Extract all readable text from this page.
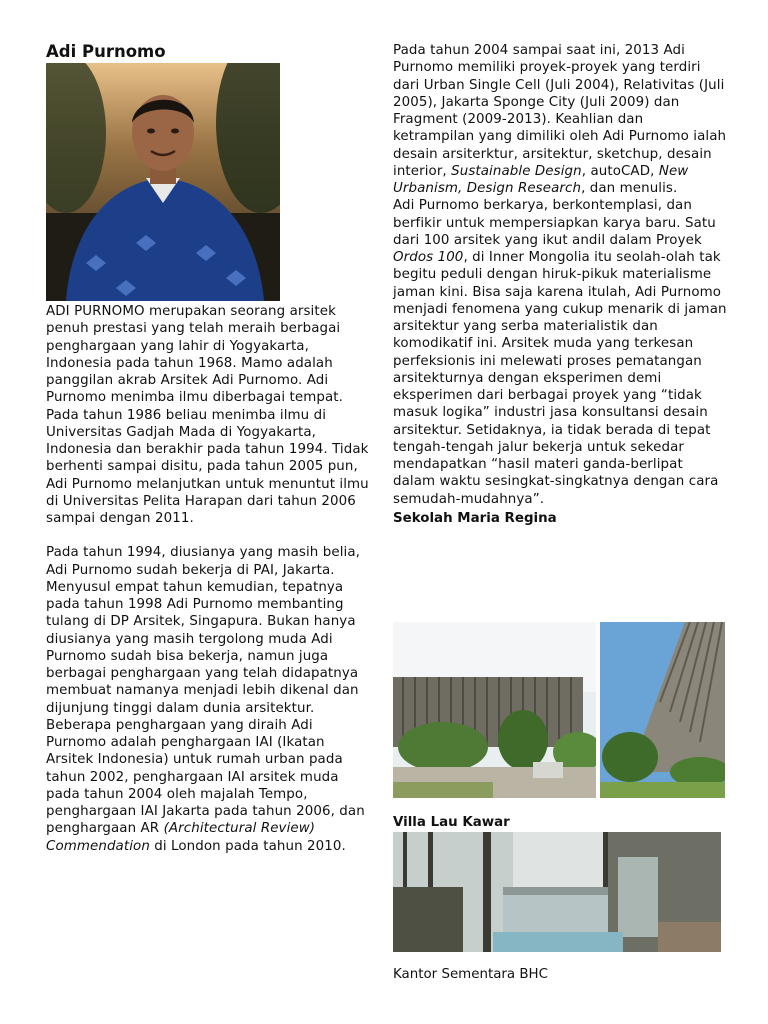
Adi Purnomo

ADI PURNOMO merupakan seorang arsitek penuh prestasi yang telah meraih berbagai penghargaan yang lahir di Yogyakarta, Indonesia pada tahun 1968. Mamo adalah panggilan akrab Arsitek Adi Purnomo. Adi Purnomo menimba ilmu diberbagai tempat. Pada tahun 1986 beliau menimba ilmu di Universitas Gadjah Mada di Yogyakarta, Indonesia dan berakhir pada tahun 1994. Tidak berhenti sampai disitu, pada tahun 2005 pun, Adi Purnomo melanjutkan untuk menuntut ilmu di Universitas Pelita Harapan dari tahun 2006 sampai dengan 2011.

Pada tahun 1994, diusianya yang masih belia, Adi Purnomo sudah bekerja di PAI, Jakarta. Menyusul empat tahun kemudian, tepatnya pada tahun 1998 Adi Purnomo membanting tulang di DP Arsitek, Singapura. Bukan hanya diusianya yang masih tergolong muda Adi Purnomo sudah bisa bekerja, namun juga berbagai penghargaan yang telah didapatnya membuat namanya menjadi lebih dikenal dan dijunjung tinggi dalam dunia arsitektur. Beberapa penghargaan yang diraih Adi Purnomo adalah penghargaan IAI (Ikatan Arsitek Indonesia) untuk rumah urban pada tahun 2002, penghargaan IAI arsitek muda pada tahun 2004 oleh majalah Tempo, penghargaan IAI Jakarta pada tahun 2006, dan penghargaan AR (Architectural Review) Commendation di London pada tahun 2010.

Pada tahun 2004 sampai saat ini, 2013 Adi Purnomo memiliki proyek-proyek yang terdiri dari Urban Single Cell (Juli 2004), Relativitas (Juli 2005), Jakarta Sponge City (Juli 2009) dan Fragment (2009-2013). Keahlian dan ketrampilan yang dimiliki oleh Adi Purnomo ialah desain arsiterktur, arsitektur, sketchup, desain interior, Sustainable Design, autoCAD, New Urbanism, Design Research, dan menulis.

Adi Purnomo berkarya, berkontemplasi, dan berfikir untuk mempersiapkan karya baru. Satu dari 100 arsitek yang ikut andil dalam Proyek Ordos 100, di Inner Mongolia itu seolah-olah tak begitu peduli dengan hiruk-pikuk materialisme jaman kini. Bisa saja karena itulah, Adi Purnomo menjadi fenomena yang cukup menarik di jaman arsitektur yang serba materialistik dan komodikatif ini. Arsitek muda yang terkesan perfeksionis ini melewati proses pematangan arsitekturnya dengan eksperimen demi eksperimen dari berbagai proyek yang “tidak masuk logika” industri jasa konsultansi desain arsitektur. Setidaknya, ia tidak berada di tepat tengah-tengah jalur bekerja untuk sekedar mendapatkan “hasil materi ganda-berlipat dalam waktu sesingkat-singkatnya dengan cara semudah-mudahnya”.

Sekolah Maria Regina

Villa Lau Kawar

Kantor Sementara BHC
